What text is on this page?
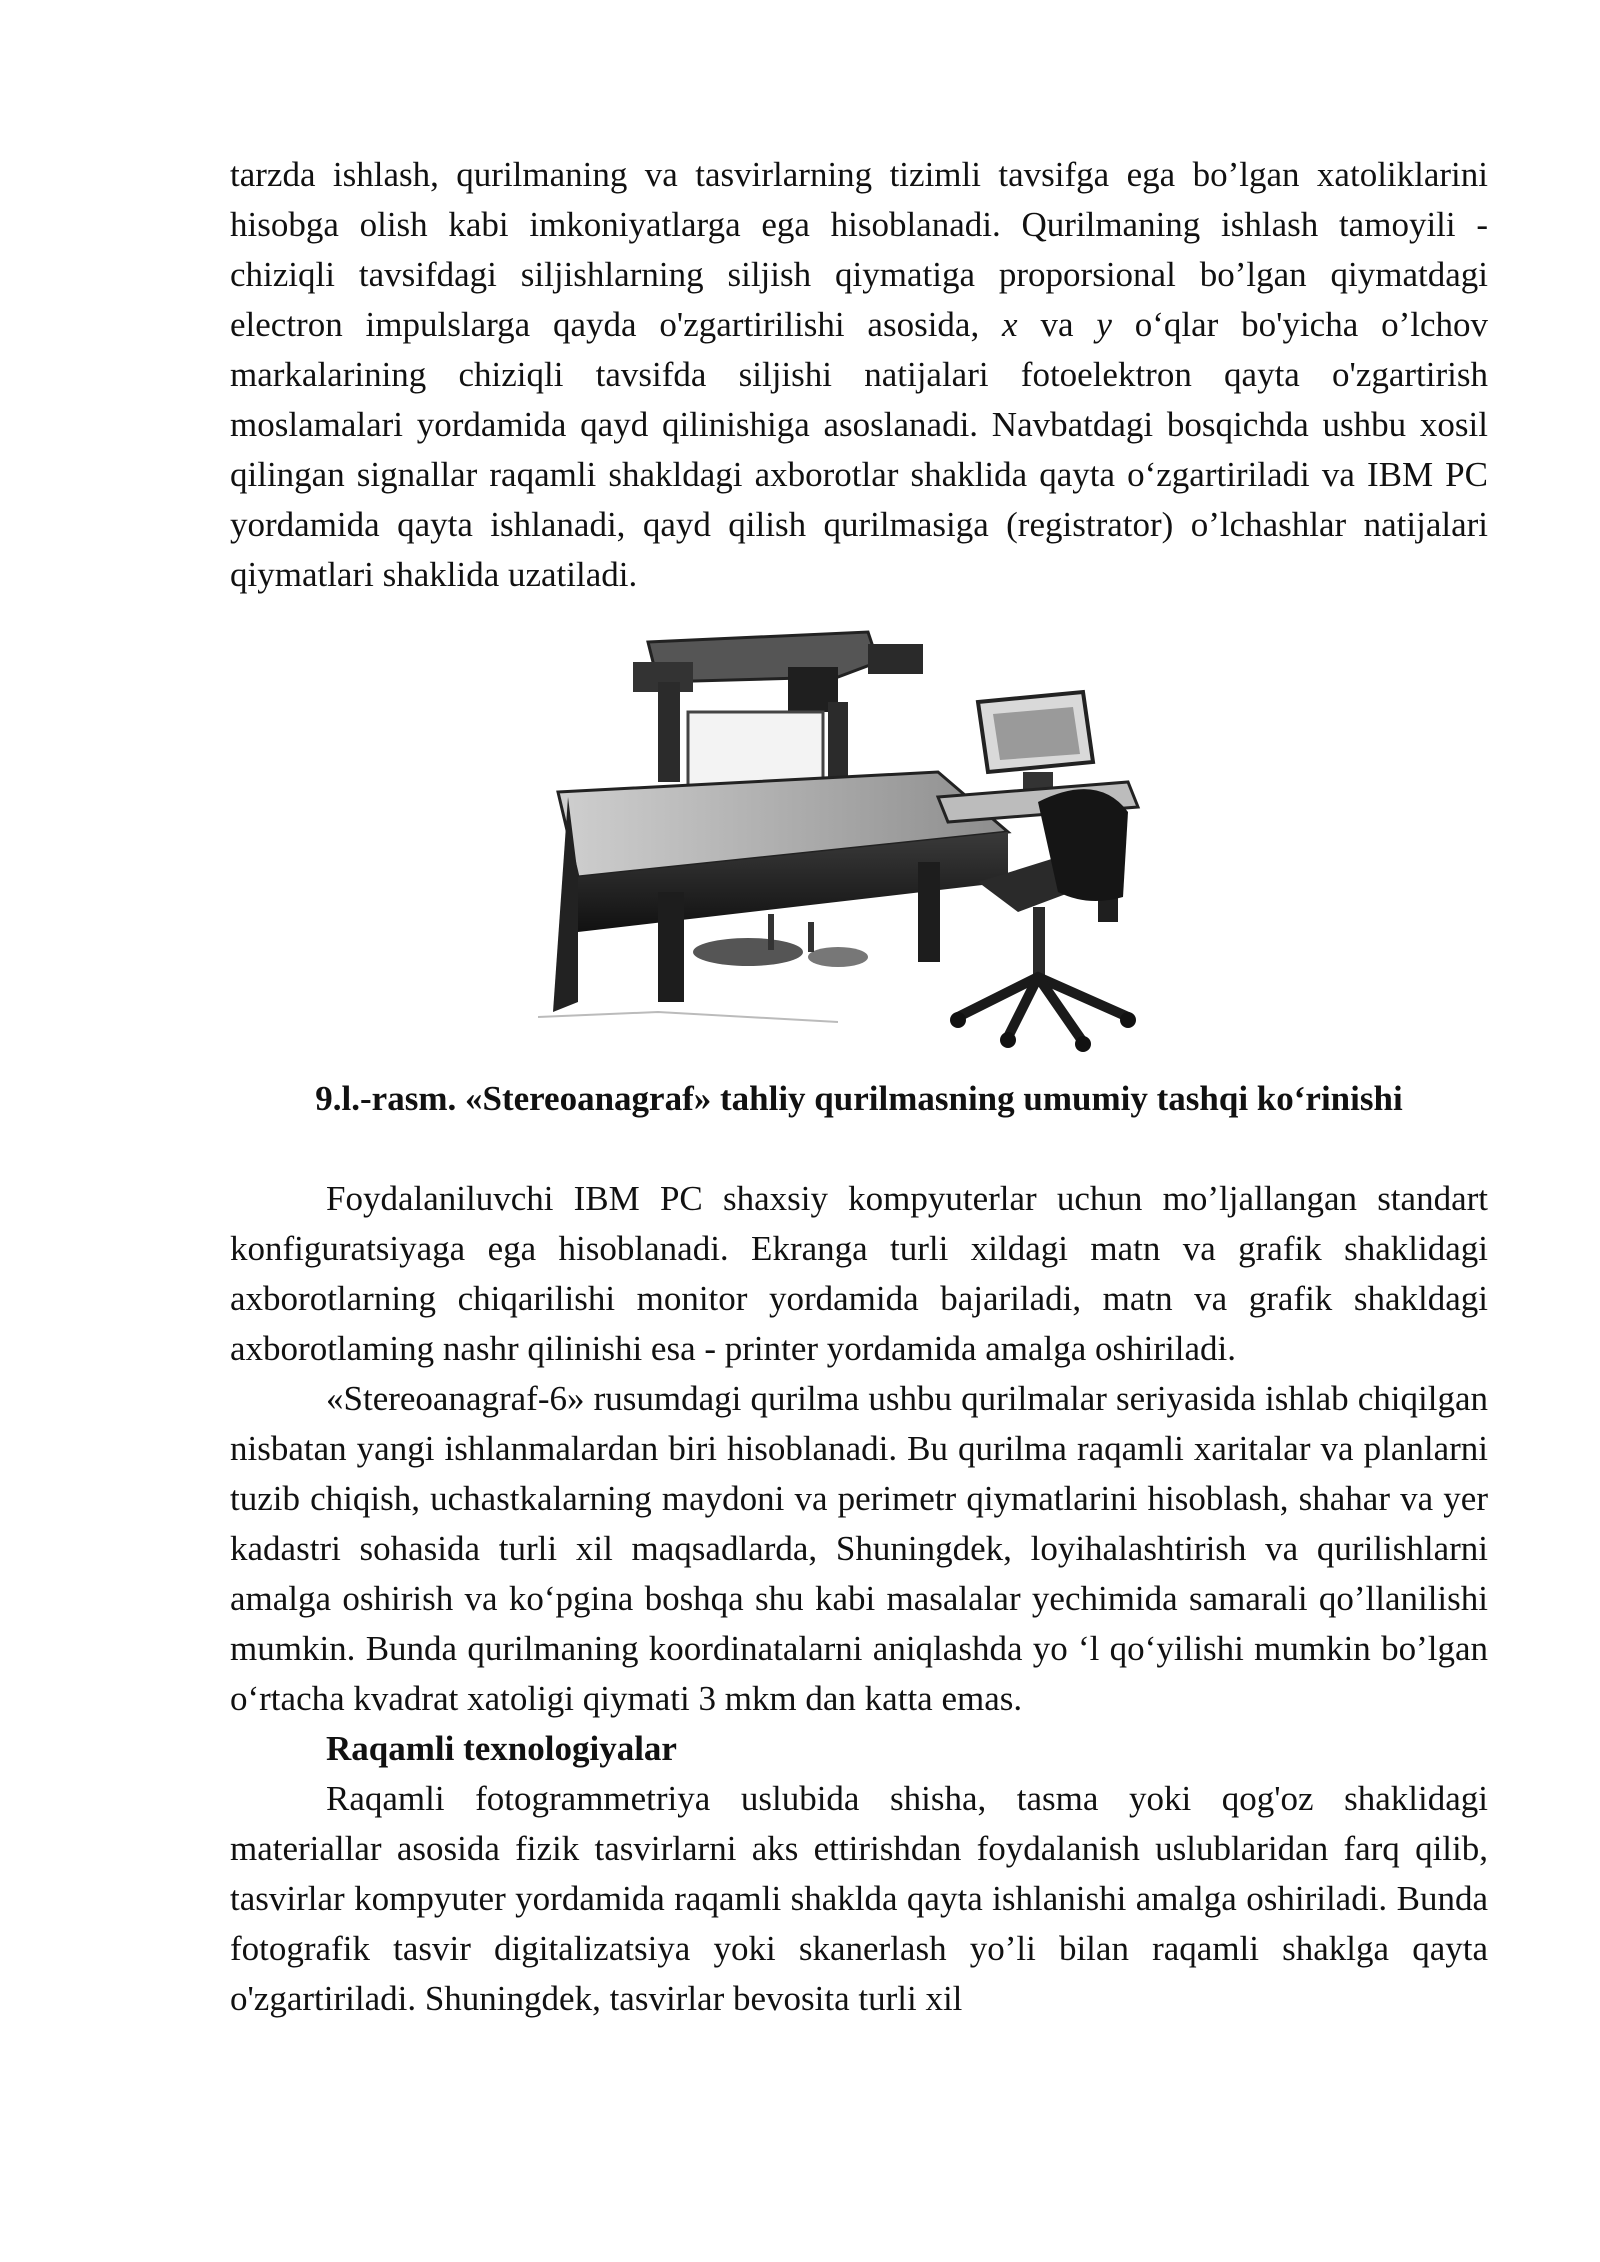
tarzda ishlash, qurilmaning va tasvirlarning tizimli tavsifga ega bo’lgan xatoliklarini hisobga olish kabi imkoniyatlarga ega hisoblanadi. Qurilmaning ishlash tamoyili - chiziqli tavsifdagi siljishlarning siljish qiymatiga proporsional bo’lgan qiymatdagi electron impulslarga qayda o'zgartirilishi asosida, x va y o‘qlar bo'yicha o’lchov markalarining chiziqli tavsifda siljishi natijalari fotoelektron qayta o'zgartirish moslamalari yordamida qayd qilinishiga asoslanadi. Navbatdagi bosqichda ushbu xosil qilingan signallar raqamli shakldagi axborotlar shaklida qayta o‘zgartiriladi va IBM PC yordamida qayta ishlanadi, qayd qilish qurilmasiga (registrator) o’lchashlar natijalari qiymatlari shaklida uzatiladi.

9.l.-rasm. «Stereoanagraf» tahliy qurilmasning umumiy tashqi ko‘rinishi

Foydalaniluvchi IBM PC shaxsiy kompyuterlar uchun mo’ljallangan standart konfiguratsiyaga ega hisoblanadi. Ekranga turli xildagi matn va grafik shaklidagi axborotlarning chiqarilishi monitor yordamida bajariladi, matn va grafik shakldagi axborotlaming nashr qilinishi esa - printer yordamida amalga oshiriladi.

«Stereoanagraf-6» rusumdagi qurilma ushbu qurilmalar seriyasida ishlab chiqilgan nisbatan yangi ishlanmalardan biri hisoblanadi. Bu qurilma raqamli xaritalar va planlarni tuzib chiqish, uchastkalarning maydoni va perimetr qiymatlarini hisoblash, shahar va yer kadastri sohasida turli xil maqsadlarda, Shuningdek, loyihalashtirish va qurilishlarni amalga oshirish va ko‘pgina boshqa shu kabi masalalar yechimida samarali qo’llanilishi mumkin. Bunda qurilmaning koordinatalarni aniqlashda yo ‘l qo‘yilishi mumkin bo’lgan o‘rtacha kvadrat xatoligi qiymati 3 mkm dan katta emas.

Raqamli texnologiyalar

Raqamli fotogrammetriya uslubida shisha, tasma yoki qog'oz shaklidagi materiallar asosida fizik tasvirlarni aks ettirishdan foydalanish uslublaridan farq qilib, tasvirlar kompyuter yordamida raqamli shakldа qayta ishlanishi amalga oshiriladi. Bunda fotografik tasvir digitalizatsiya yoki skanerlash yo’li bilan raqamli shaklga qayta o'zgartiriladi. Shuningdek, tasvirlar bevosita turli xil
